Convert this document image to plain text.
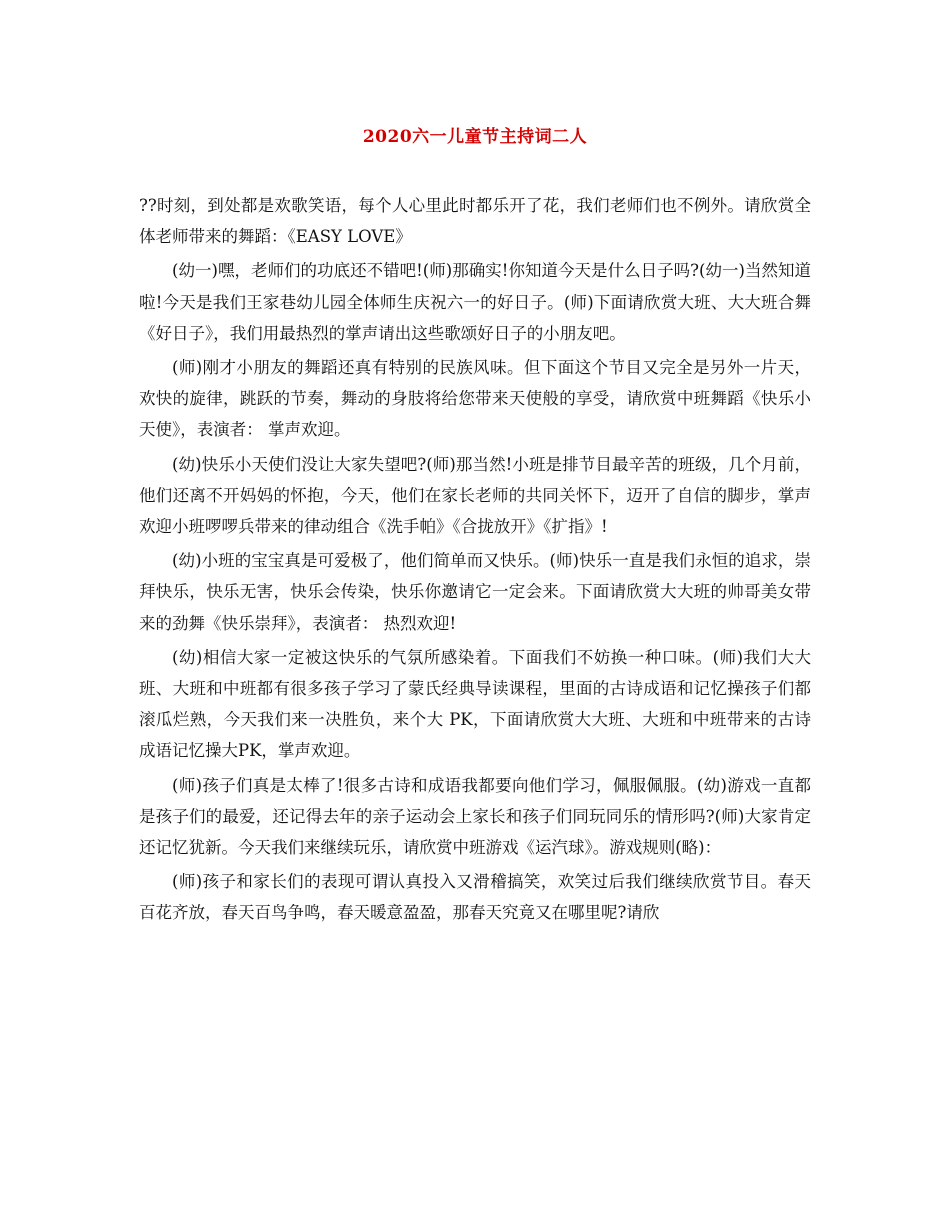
2020六一儿童节主持词二人

??时刻，到处都是欢歌笑语，每个人心里此时都乐开了花，我们老师们也不例外。请欣赏全体老师带来的舞蹈：《EASY LOVE》

(幼一)嘿，老师们的功底还不错吧!(师)那确实!你知道今天是什么日子吗?(幼一)当然知道啦!今天是我们王家巷幼儿园全体师生庆祝六一的好日子。(师)下面请欣赏大班、大大班合舞《好日子》，我们用最热烈的掌声请出这些歌颂好日子的小朋友吧。

(师)刚才小朋友的舞蹈还真有特别的民族风味。但下面这个节目又完全是另外一片天，欢快的旋律，跳跃的节奏，舞动的身肢将给您带来天使般的享受，请欣赏中班舞蹈《快乐小天使》，表演者： 掌声欢迎。

(幼)快乐小天使们没让大家失望吧?(师)那当然!小班是排节目最辛苦的班级，几个月前，他们还离不开妈妈的怀抱，今天，他们在家长老师的共同关怀下，迈开了自信的脚步，掌声欢迎小班啰啰兵带来的律动组合《洗手帕》《合拢放开》《扩指》!

(幼)小班的宝宝真是可爱极了，他们简单而又快乐。(师)快乐一直是我们永恒的追求，崇拜快乐，快乐无害，快乐会传染，快乐你邀请它一定会来。下面请欣赏大大班的帅哥美女带来的劲舞《快乐崇拜》，表演者： 热烈欢迎!

(幼)相信大家一定被这快乐的气氛所感染着。下面我们不妨换一种口味。(师)我们大大班、大班和中班都有很多孩子学习了蒙氏经典导读课程，里面的古诗成语和记忆操孩子们都滚瓜烂熟，今天我们来一决胜负，来个大 PK，下面请欣赏大大班、大班和中班带来的古诗成语记忆操大PK，掌声欢迎。

(师)孩子们真是太棒了!很多古诗和成语我都要向他们学习，佩服佩服。(幼)游戏一直都是孩子们的最爱，还记得去年的亲子运动会上家长和孩子们同玩同乐的情形吗?(师)大家肯定还记忆犹新。今天我们来继续玩乐，请欣赏中班游戏《运汽球》。游戏规则(略)：

(师)孩子和家长们的表现可谓认真投入又滑稽搞笑，欢笑过后我们继续欣赏节目。春天百花齐放，春天百鸟争鸣，春天暖意盈盈，那春天究竟又在哪里呢?请欣
